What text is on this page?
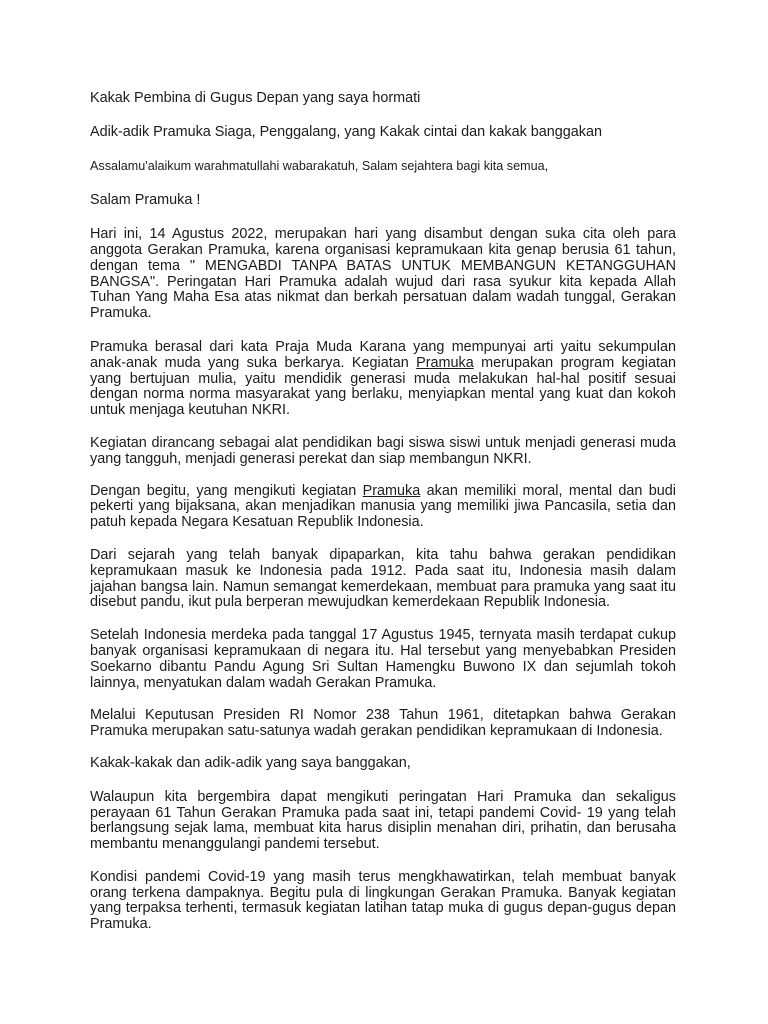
Kakak Pembina di Gugus Depan yang saya hormati

Adik-adik Pramuka Siaga, Penggalang, yang Kakak cintai dan kakak banggakan

Assalamu'alaikum warahmatullahi wabarakatuh, Salam sejahtera bagi kita semua,

Salam Pramuka !

Hari ini, 14 Agustus 2022, merupakan hari yang disambut dengan suka cita oleh para anggota Gerakan Pramuka, karena organisasi kepramukaan kita genap berusia 61 tahun, dengan tema " MENGABDI TANPA BATAS UNTUK MEMBANGUN KETANGGUHAN BANGSA". Peringatan Hari Pramuka adalah wujud dari rasa syukur kita kepada Allah Tuhan Yang Maha Esa atas nikmat dan berkah persatuan dalam wadah tunggal, Gerakan Pramuka.

Pramuka berasal dari kata Praja Muda Karana yang mempunyai arti yaitu sekumpulan anak-anak muda yang suka berkarya. Kegiatan Pramuka merupakan program kegiatan yang bertujuan mulia, yaitu mendidik generasi muda melakukan hal-hal positif sesuai dengan norma norma masyarakat yang berlaku, menyiapkan mental yang kuat dan kokoh untuk menjaga keutuhan NKRI.

Kegiatan dirancang sebagai alat pendidikan bagi siswa siswi untuk menjadi generasi muda yang tangguh, menjadi generasi perekat dan siap membangun NKRI.

Dengan begitu, yang mengikuti kegiatan Pramuka akan memiliki moral, mental dan budi pekerti yang bijaksana, akan menjadikan manusia yang memiliki jiwa Pancasila, setia dan patuh kepada Negara Kesatuan Republik Indonesia.

Dari sejarah yang telah banyak dipaparkan, kita tahu bahwa gerakan pendidikan kepramukaan masuk ke Indonesia pada 1912. Pada saat itu, Indonesia masih dalam jajahan bangsa lain. Namun semangat kemerdekaan, membuat para pramuka yang saat itu disebut pandu, ikut pula berperan mewujudkan kemerdekaan Republik Indonesia.

Setelah Indonesia merdeka pada tanggal 17 Agustus 1945, ternyata masih terdapat cukup banyak organisasi kepramukaan di negara itu. Hal tersebut yang menyebabkan Presiden Soekarno dibantu Pandu Agung Sri Sultan Hamengku Buwono IX dan sejumlah tokoh lainnya, menyatukan dalam wadah Gerakan Pramuka.

Melalui Keputusan Presiden RI Nomor 238 Tahun 1961, ditetapkan bahwa Gerakan Pramuka merupakan satu-satunya wadah gerakan pendidikan kepramukaan di Indonesia.

Kakak-kakak dan adik-adik yang saya banggakan,

Walaupun kita bergembira dapat mengikuti peringatan Hari Pramuka dan sekaligus perayaan 61 Tahun Gerakan Pramuka pada saat ini, tetapi pandemi Covid- 19 yang telah berlangsung sejak lama, membuat kita harus disiplin menahan diri, prihatin, dan berusaha membantu menanggulangi pandemi tersebut.

Kondisi pandemi Covid-19 yang masih terus mengkhawatirkan, telah membuat banyak orang terkena dampaknya. Begitu pula di lingkungan Gerakan Pramuka. Banyak kegiatan yang terpaksa terhenti, termasuk kegiatan latihan tatap muka di gugus depan-gugus depan Pramuka.
